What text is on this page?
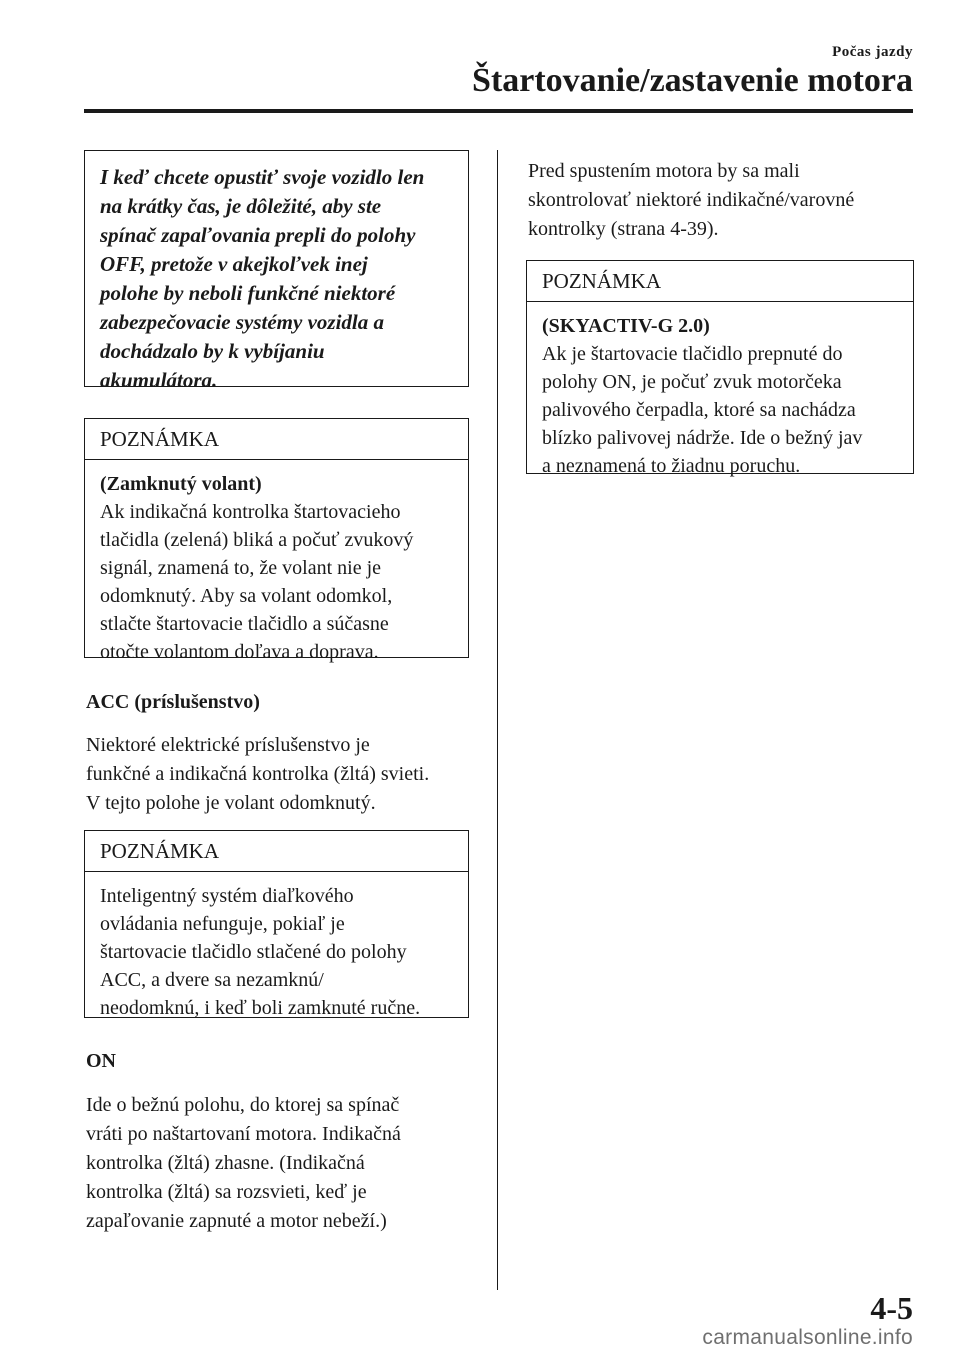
Počas jazdy
Štartovanie/zastavenie motora
I keď chcete opustiť svoje vozidlo len
na krátky čas, je dôležité, aby ste
spínač zapaľovania prepli do polohy
OFF, pretože v akejkoľvek inej
polohe by neboli funkčné niektoré
zabezpečovacie systémy vozidla a
dochádzalo by k vybíjaniu
akumulátora.
POZNÁMKA
(Zamknutý volant)
Ak indikačná kontrolka štartovacieho
tlačidla (zelená) bliká a počuť zvukový
signál, znamená to, že volant nie je
odomknutý. Aby sa volant odomkol,
stlačte štartovacie tlačidlo a súčasne
otočte volantom doľava a doprava.
ACC (príslušenstvo)
Niektoré elektrické príslušenstvo je
funkčné a indikačná kontrolka (žltá) svieti.
V tejto polohe je volant odomknutý.
POZNÁMKA
Inteligentný systém diaľkového
ovládania nefunguje, pokiaľ je
štartovacie tlačidlo stlačené do polohy
ACC, a dvere sa nezamknú/
neodomknú, i keď boli zamknuté ručne.
ON
Ide o bežnú polohu, do ktorej sa spínač
vráti po naštartovaní motora. Indikačná
kontrolka (žltá) zhasne. (Indikačná
kontrolka (žltá) sa rozsvieti, keď je
zapaľovanie zapnuté a motor nebeží.)
Pred spustením motora by sa mali
skontrolovať niektoré indikačné/varovné
kontrolky (strana 4-39).
POZNÁMKA
(SKYACTIV-G 2.0)
Ak je štartovacie tlačidlo prepnuté do
polohy ON, je počuť zvuk motorčeka
palivového čerpadla, ktoré sa nachádza
blízko palivovej nádrže. Ide o bežný jav
a neznamená to žiadnu poruchu.
4-5
carmanualsonline.info
